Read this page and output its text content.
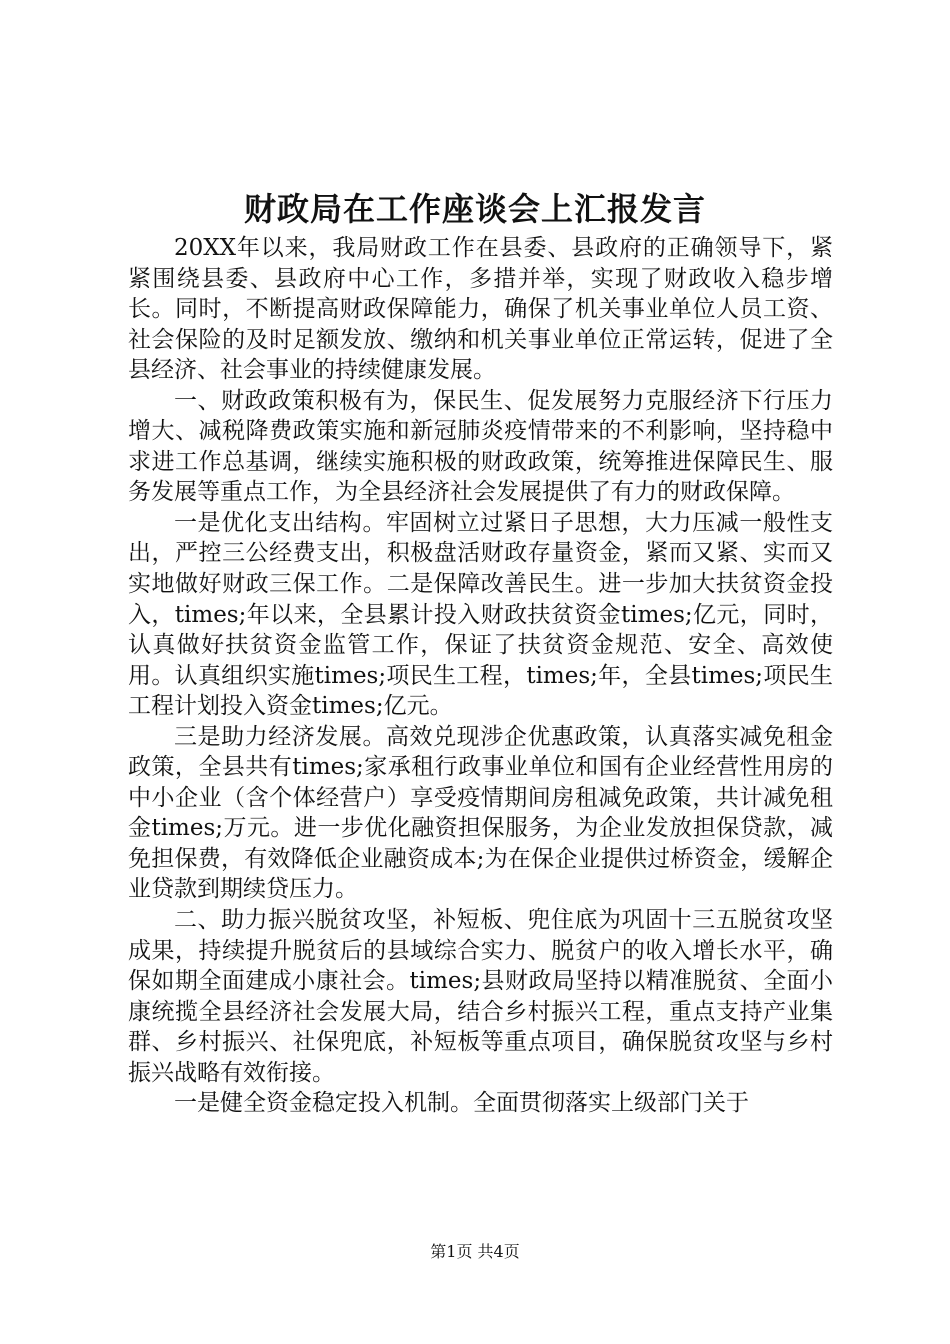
财政局在工作座谈会上汇报发言

20XX年以来，我局财政工作在县委、县政府的正确领导下，紧紧围绕县委、县政府中心工作，多措并举，实现了财政收入稳步增长。同时，不断提高财政保障能力，确保了机关事业单位人员工资、社会保险的及时足额发放、缴纳和机关事业单位正常运转，促进了全县经济、社会事业的持续健康发展。

一、财政政策积极有为，保民生、促发展努力克服经济下行压力增大、减税降费政策实施和新冠肺炎疫情带来的不利影响，坚持稳中求进工作总基调，继续实施积极的财政政策，统筹推进保障民生、服务发展等重点工作，为全县经济社会发展提供了有力的财政保障。

一是优化支出结构。牢固树立过紧日子思想，大力压减一般性支出，严控三公经费支出，积极盘活财政存量资金，紧而又紧、实而又实地做好财政三保工作。二是保障改善民生。进一步加大扶贫资金投入，times;年以来，全县累计投入财政扶贫资金times;亿元，同时，认真做好扶贫资金监管工作，保证了扶贫资金规范、安全、高效使用。认真组织实施times;项民生工程，times;年，全县times;项民生工程计划投入资金times;亿元。

三是助力经济发展。高效兑现涉企优惠政策，认真落实减免租金政策，全县共有times;家承租行政事业单位和国有企业经营性用房的中小企业（含个体经营户）享受疫情期间房租减免政策，共计减免租金times;万元。进一步优化融资担保服务，为企业发放担保贷款，减免担保费，有效降低企业融资成本;为在保企业提供过桥资金，缓解企业贷款到期续贷压力。

二、助力振兴脱贫攻坚，补短板、兜住底为巩固十三五脱贫攻坚成果，持续提升脱贫后的县域综合实力、脱贫户的收入增长水平，确保如期全面建成小康社会。times;县财政局坚持以精准脱贫、全面小康统揽全县经济社会发展大局，结合乡村振兴工程，重点支持产业集群、乡村振兴、社保兜底，补短板等重点项目，确保脱贫攻坚与乡村振兴战略有效衔接。

一是健全资金稳定投入机制。全面贯彻落实上级部门关于

第1页 共4页
